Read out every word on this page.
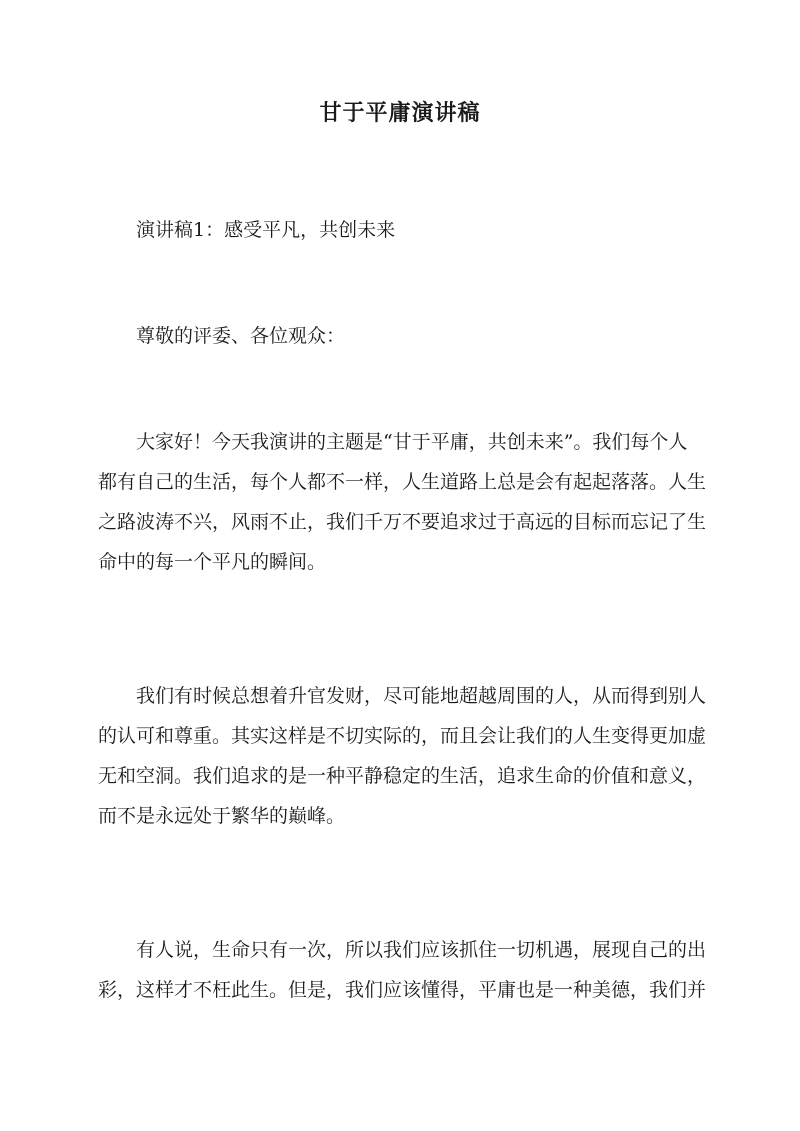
甘于平庸演讲稿
演讲稿1：感受平凡，共创未来
尊敬的评委、各位观众：
大家好！今天我演讲的主题是“甘于平庸，共创未来”。我们每个人
都有自己的生活，每个人都不一样，人生道路上总是会有起起落落。人生
之路波涛不兴，风雨不止，我们千万不要追求过于高远的目标而忘记了生
命中的每一个平凡的瞬间。
我们有时候总想着升官发财，尽可能地超越周围的人，从而得到别人
的认可和尊重。其实这样是不切实际的，而且会让我们的人生变得更加虚
无和空洞。我们追求的是一种平静稳定的生活，追求生命的价值和意义，
而不是永远处于繁华的巅峰。
有人说，生命只有一次，所以我们应该抓住一切机遇，展现自己的出
彩，这样才不枉此生。但是，我们应该懂得，平庸也是一种美德，我们并
